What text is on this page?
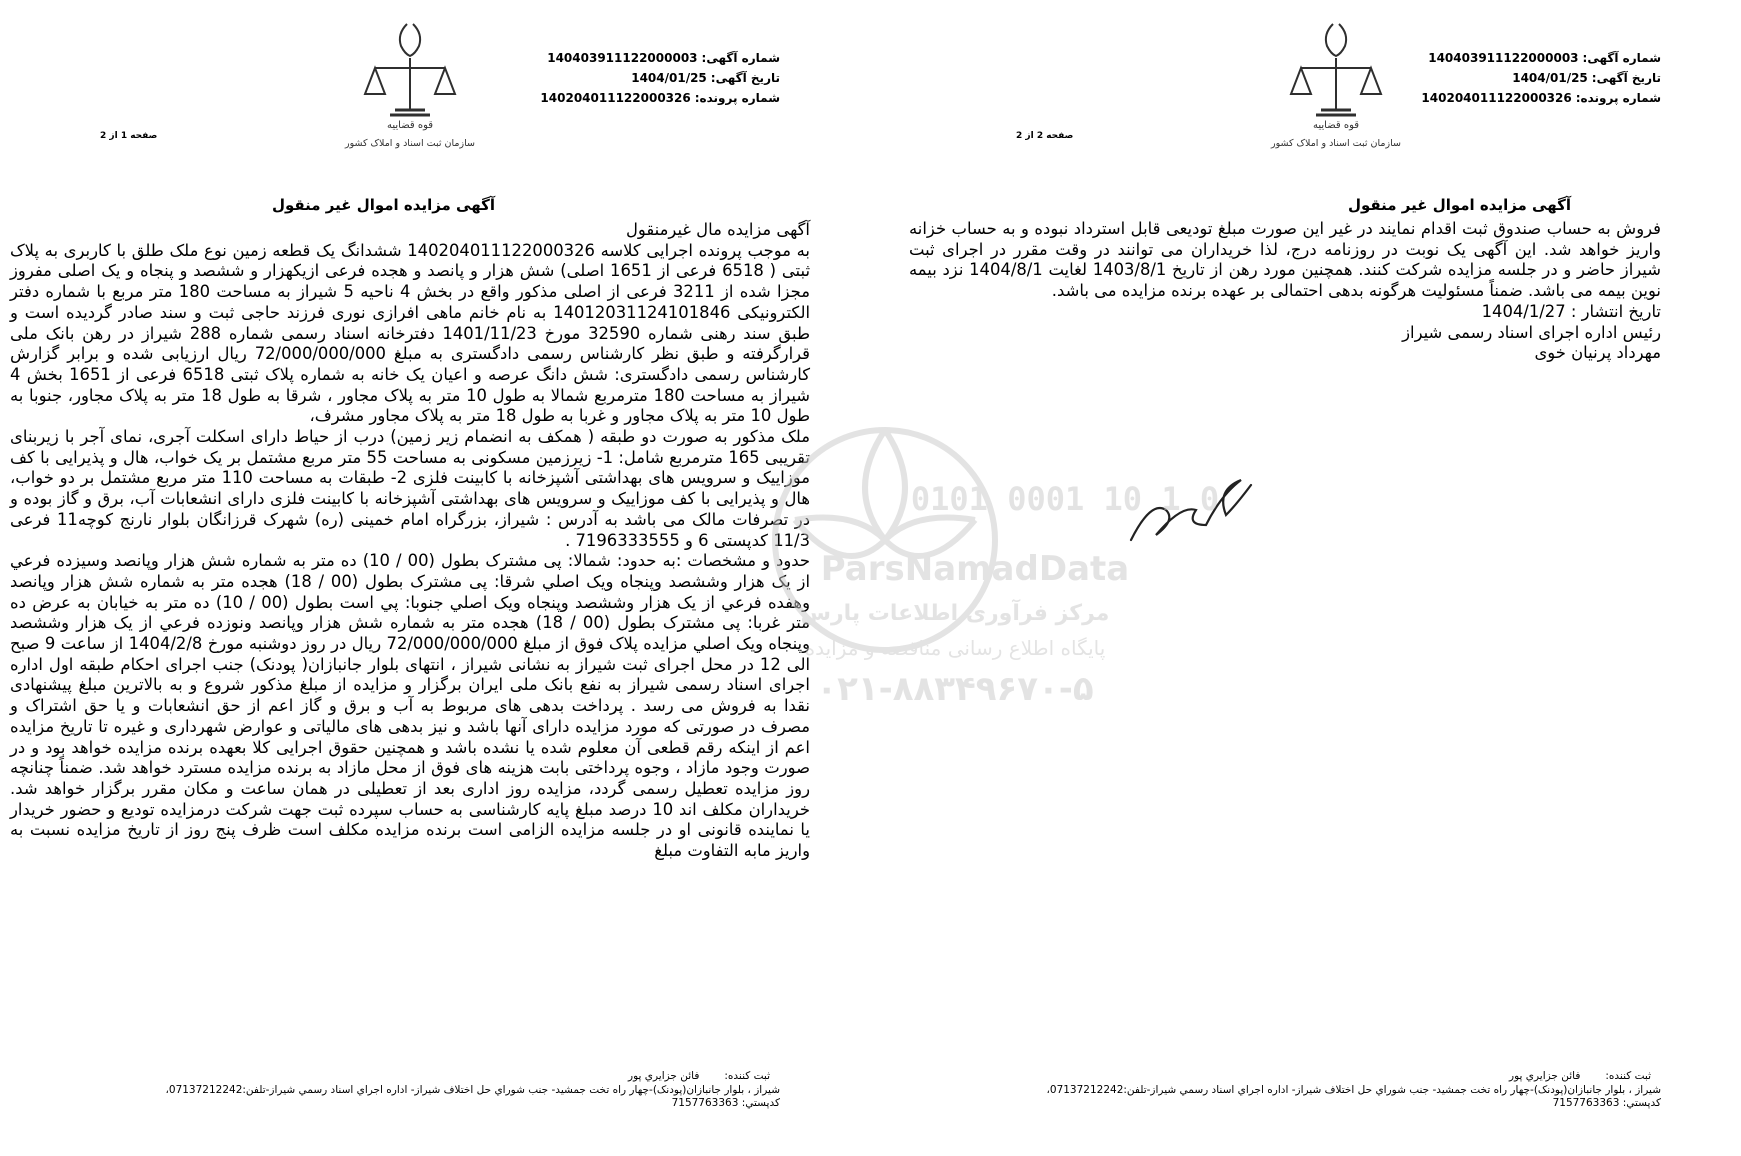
شماره آگهی:140403911122000003
تاریخ آگهی:1404/01/25
شماره پرونده:140204011122000326
قوه قضاییه
سازمان ثبت اسناد و املاک کشور
صفحه 1 از 2
آگهی مزایده اموال غیر منقول

آگهی مزایده مال غیرمنقول

به موجب پرونده اجرایی کلاسه 140204011122000326 ششدانگ یک قطعه زمین نوع ملک طلق با کاربری به پلاک ثبتی ( 6518 فرعی از 1651 اصلی) شش هزار و پانصد و هجده فرعی ازیکهزار و ششصد و پنجاه و یک اصلی مفروز مجزا شده از 3211 فرعی از اصلی مذکور واقع در بخش 4 ناحیه 5 شیراز به مساحت 180 متر مربع با شماره دفتر الکترونیکی 14012031124101846 به نام خانم ماهی افرازی نوری فرزند حاجی ثبت و سند صادر گردیده است و طبق سند رهنی شماره 32590 مورخ 1401/11/23 دفترخانه اسناد رسمی شماره 288 شیراز در رهن بانک ملی قرارگرفته و طبق نظر کارشناس رسمی دادگستری به مبلغ 72/000/000/000 ریال ارزیابی شده و برابر گزارش کارشناس رسمی دادگستری: شش دانگ عرصه و اعیان یک خانه به شماره پلاک ثبتی 6518 فرعی از 1651 بخش 4 شیراز به مساحت 180 مترمربع شمالا به طول 10 متر به پلاک مجاور ، شرقا به طول 18 متر به پلاک مجاور، جنوبا به طول 10 متر به پلاک مجاور و غربا به طول 18 متر به پلاک مجاور مشرف،

ملک مذکور به صورت دو طبقه ( همکف به انضمام زیر زمین) درب از حیاط دارای اسکلت آجری، نمای آجر با زیربنای تقریبی 165 مترمربع شامل: 1- زیرزمین مسکونی به مساحت 55 متر مربع مشتمل بر یک خواب، هال و پذیرایی با کف موزاییک و سرویس های بهداشتی آشپزخانه با کابینت فلزی 2- طبقات به مساحت 110 متر مربع مشتمل بر دو خواب، هال و پذیرایی با کف موزاییک و سرویس های بهداشتی آشپزخانه با کابینت فلزی دارای انشعابات آب، برق و گاز بوده و در تصرفات مالک می باشد به آدرس : شیراز، بزرگراه امام خمینی (ره) شهرک قرزانگان بلوار نارنج کوچه11 فرعی 11/3 کدپستی 6 و 7196333555 .

حدود و مشخصات :به حدود: شمالا: پی مشترک بطول (00 / 10) ده متر به شماره شش هزار وپانصد وسیزده فرعي از يک هزار وششصد وپنجاه ويک اصلي شرقا: پی مشترک بطول (00 / 18) هجده متر به شماره شش هزار وپانصد وهفده فرعي از يک هزار وششصد وپنجاه ويک اصلي جنوبا: پي است بطول (00 / 10) ده متر به خيابان به عرض ده متر غربا: پی مشترک بطول (00 / 18) هجده متر به شماره شش هزار وپانصد ونوزده فرعي از يک هزار وششصد وپنجاه ويک اصلي مزايده پلاک فوق از مبلغ 72/000/000/000 ريال در روز دوشنبه مورخ 1404/2/8 از ساعت 9 صبح الی 12 در محل اجرای ثبت شیراز به نشانی شیراز ، انتهای بلوار جانبازان( پودنک) جنب اجرای احکام طبقه اول اداره اجرای اسناد رسمی شیراز به نفع بانک ملی ایران برگزار و مزایده از مبلغ مذکور شروع و به بالاترین مبلغ پیشنهادی نقدا به فروش می رسد . پرداخت بدهی های مربوط به آب و برق و گاز اعم از حق انشعابات و یا حق اشتراک و مصرف در صورتی که مورد مزایده دارای آنها باشد و نیز بدهی های مالیاتی و عوارض شهرداری و غیره تا تاریخ مزایده اعم از اینکه رقم قطعی آن معلوم شده یا نشده باشد و همچنین حقوق اجرایی کلا بعهده برنده مزایده خواهد بود و در صورت وجود مازاد ، وجوه پرداختی بابت هزینه های فوق از محل مازاد به برنده مزایده مسترد خواهد شد. ضمناً چنانچه روز مزایده تعطیل رسمی گردد، مزایده روز اداری بعد از تعطیلی در همان ساعت و مکان مقرر برگزار خواهد شد. خریداران مکلف اند 10 درصد مبلغ پایه کارشناسی به حساب سپرده ثبت جهت شرکت درمزایده تودیع و حضور خریدار یا نماینده قانونی او در جلسه مزایده الزامی است برنده مزایده مکلف است ظرف پنج روز از تاریخ مزایده نسبت به واریز مابه التفاوت مبلغ

ثبت کننده:فائن جزايري پور
شيراز ، بلوار جانبازان(پودنک)-چهار راه تخت جمشيد- جنب شوراي حل اختلاف شيراز- اداره اجراي اسناد رسمي شيراز-تلفن:07137212242،
کدپستي: 7157763363
شماره آگهی:140403911122000003
تاریخ آگهی:1404/01/25
شماره پرونده:140204011122000326
قوه قضاییه
سازمان ثبت اسناد و املاک کشور
صفحه 2 از 2
آگهی مزایده اموال غیر منقول

فروش به حساب صندوق ثبت اقدام نمایند در غیر این صورت مبلغ تودیعی قابل استرداد نبوده و به حساب خزانه واریز خواهد شد. این آگهی یک نوبت در روزنامه درج، لذا خریداران می توانند در وقت مقرر در اجرای ثبت شیراز حاضر و در جلسه مزایده شرکت کنند. همچنین مورد رهن از تاریخ 1403/8/1 لغایت 1404/8/1 نزد بیمه نوین بیمه می باشد. ضمناً مسئولیت هرگونه بدهی احتمالی بر عهده برنده مزایده می باشد.

تاریخ انتشار : 1404/1/27

رئیس اداره اجرای اسناد رسمی شیراز

مهرداد پرنیان خوی

ثبت کننده:فائن جزايري پور
شيراز ، بلوار جانبازان(پودنک)-چهار راه تخت جمشيد- جنب شوراي حل اختلاف شيراز- اداره اجراي اسناد رسمي شيراز-تلفن:07137212242،
کدپستي: 7157763363
0101 0001 10 1 0
ParsNamadData
مرکز فرآوری اطلاعات پارس
پایگاه اطلاع رسانی مناقصه و مزایده
۰۲۱-۸۸۳۴۹۶۷۰-۵
